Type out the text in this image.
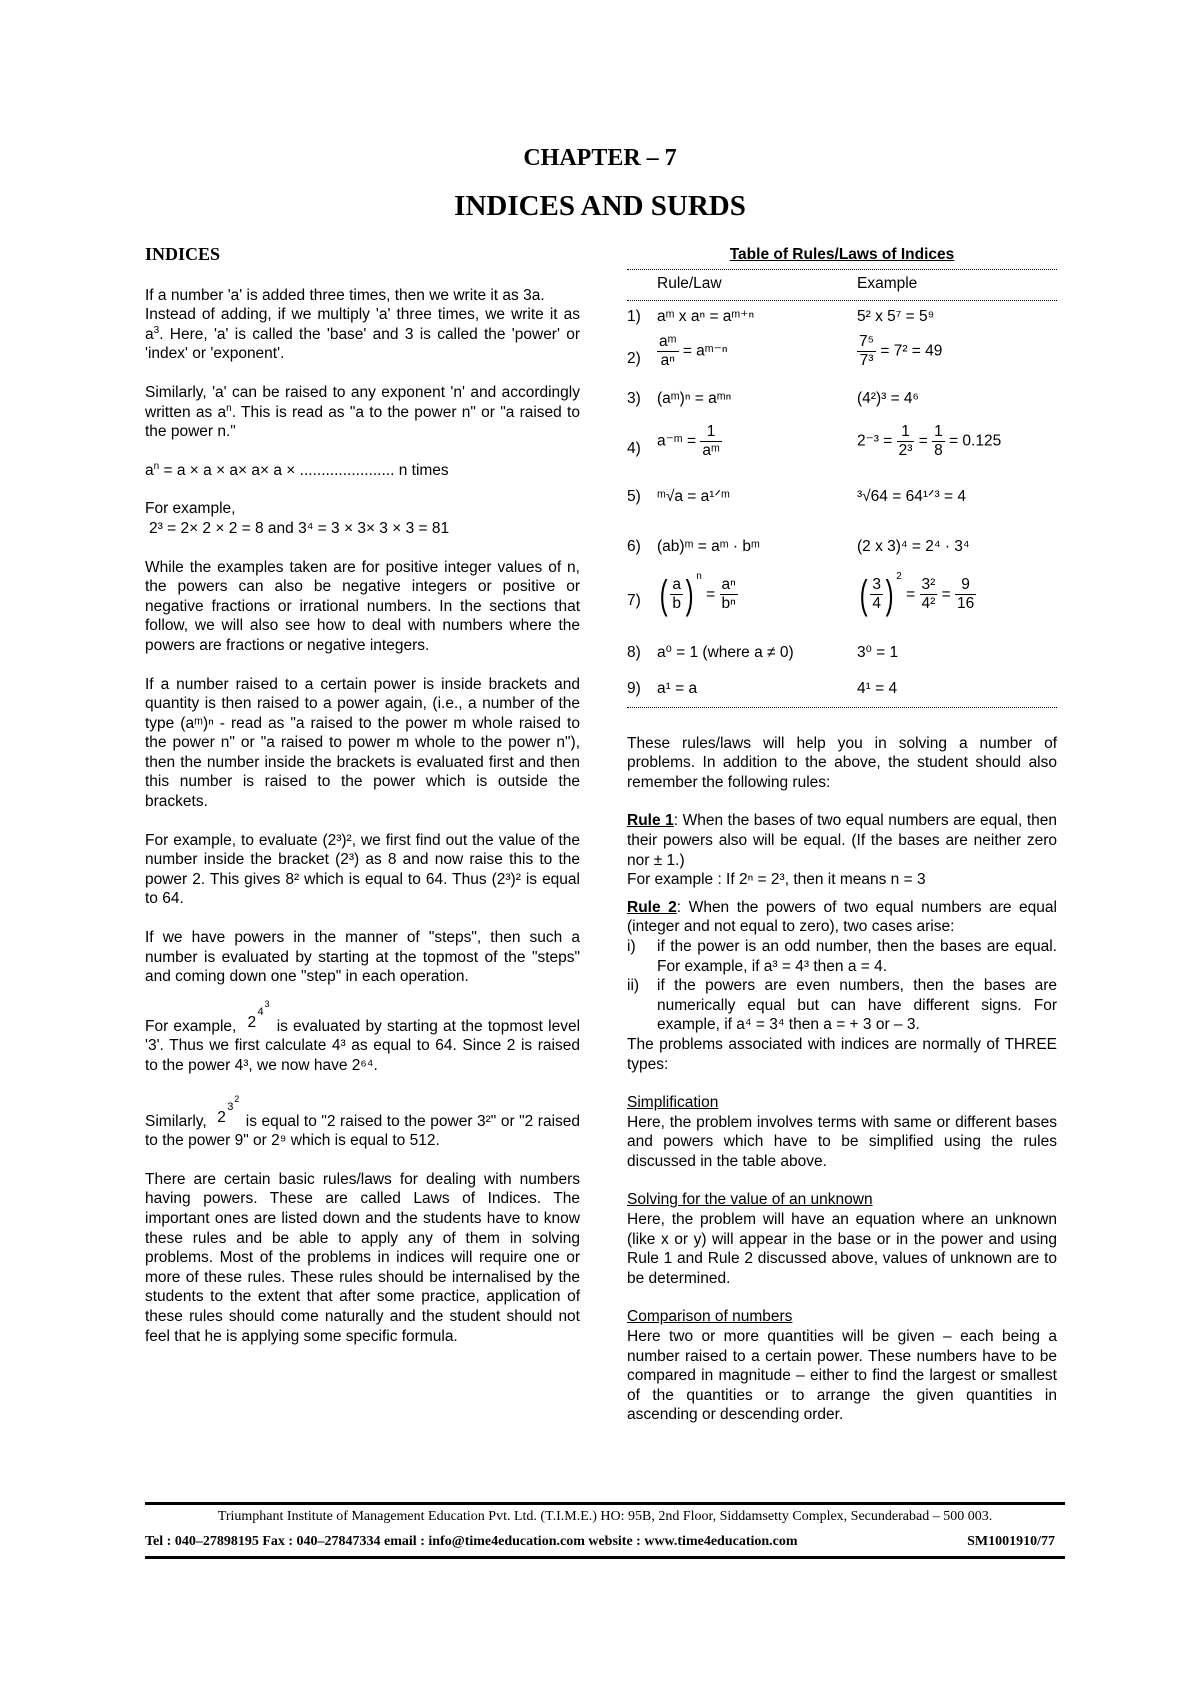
CHAPTER – 7
INDICES AND SURDS
INDICES

If a number 'a' is added three times, then we write it as 3a.
Instead of adding, if we multiply 'a' three times, we write it as $a^3$. Here, 'a' is called the 'base' and 3 is called the 'power' or 'index' or 'exponent'.

Similarly, 'a' can be raised to any exponent 'n' and accordingly written as $a^n$. This is read as "a to the power n" or "a raised to the power n."

$a^n = a \times a \times a\times a\times a$ × ...................... n times

For example,

2³ = 2× 2 × 2 = 8 and 3⁴ = 3 × 3× 3 × 3 = 81

While the examples taken are for positive integer values of n, the powers can also be negative integers or positive or negative fractions or irrational numbers. In the sections that follow, we will also see how to deal with numbers where the powers are fractions or negative integers.

If a number raised to a certain power is inside brackets and quantity is then raised to a power again, (i.e., a number of the type (aᵐ)ⁿ - read as "a raised to the power m whole raised to the power n" or "a raised to power m whole to the power n"), then the number inside the brackets is evaluated first and then this number is raised to the power which is outside the brackets.

For example, to evaluate (2³)², we first find out the value of the number inside the bracket (2³) as 8 and now raise this to the power 2. This gives 8² which is equal to 64. Thus (2³)² is equal to 64.

If we have powers in the manner of "steps", then such a number is evaluated by starting at the topmost of the "steps" and coming down one "step" in each operation.

For example, 2
4
3
is evaluated by starting at the topmost level '3'. Thus we first calculate 4³ as equal to 64. Since 2 is raised to the power 4³, we now have 2⁶⁴.

Similarly, 2
3
2
is equal to "2 raised to the power 3²" or "2 raised to the power 9" or 2⁹ which is equal to 512.

There are certain basic rules/laws for dealing with numbers having powers. These are called Laws of Indices. The important ones are listed down and the students have to know these rules and be able to apply any of them in solving problems. Most of the problems in indices will require one or more of these rules. These rules should be internalised by the students to the extent that after some practice, application of these rules should come naturally and the student should not feel that he is applying some specific formula.

Table of Rules/Laws of Indices
Rule/Law	Example
1) aᵐ x aⁿ = aᵐ⁺ⁿ	5² x 5⁷ = 5⁹
$2) \frac{\text{aᵐ}}{\text{aⁿ}}$ = aᵐ⁻ⁿ	$\frac{\text{7⁵}}{\text{7³}} = 7^2 = 49$
3) (aᵐ)ⁿ = aᵐⁿ	(4²)³ = 4⁶
4) a⁻ᵐ = $\frac{1}{\text{aᵐ}}$	$2^{-3} = \frac{1}{\text{2³}} = \frac{1}{8} = 0.125$
5) ᵐ√a = a¹ᐟᵐ	³√64 = 64¹ᐟ³ = 4
6) (ab)ᵐ = aᵐ · bᵐ	(2 x 3)⁴ = 2⁴ · 3⁴
7) ( $\frac{a}{b}$ ) $^n = \frac{\text{aⁿ}}{\text{bⁿ}}$	( $\frac{3}{4}$ ) $^2 = \frac{\text{3²}}{\text{4²}} = \frac{9}{16}$
8) a⁰ = 1 (where a ≠ 0)	3⁰ = 1
9) a¹ = a	4¹ = 4

These rules/laws will help you in solving a number of problems. In addition to the above, the student should also remember the following rules:

Rule 1: When the bases of two equal numbers are equal, then their powers also will be equal. (If the bases are neither zero nor ± 1.)

For example : If 2ⁿ = 2³, then it means n = 3

Rule 2: When the powers of two equal numbers are equal (integer and not equal to zero), two cases arise:

i) if the power is an odd number, then the bases are equal. For example, if a³ = 4³ then a = 4.
ii) if the powers are even numbers, then the bases are numerically equal but can have different signs. For example, if a⁴ = 3⁴ then a = + 3 or – 3.

The problems associated with indices are normally of THREE types:

Simplification

Here, the problem involves terms with same or different bases and powers which have to be simplified using the rules discussed in the table above.

Solving for the value of an unknown

Here, the problem will have an equation where an unknown (like x or y) will appear in the base or in the power and using Rule 1 and Rule 2 discussed above, values of unknown are to be determined.

Comparison of numbers

Here two or more quantities will be given – each being a number raised to a certain power. These numbers have to be compared in magnitude – either to find the largest or smallest of the quantities or to arrange the given quantities in ascending or descending order.

Triumphant Institute of Management Education Pvt. Ltd. (T.I.M.E.) HO: 95B, 2nd Floor, Siddamsetty Complex, Secunderabad – 500 003.
Tel : 040–27898195 Fax : 040–27847334 email : info@time4education.com website : www.time4education.com	SM1001910/77
